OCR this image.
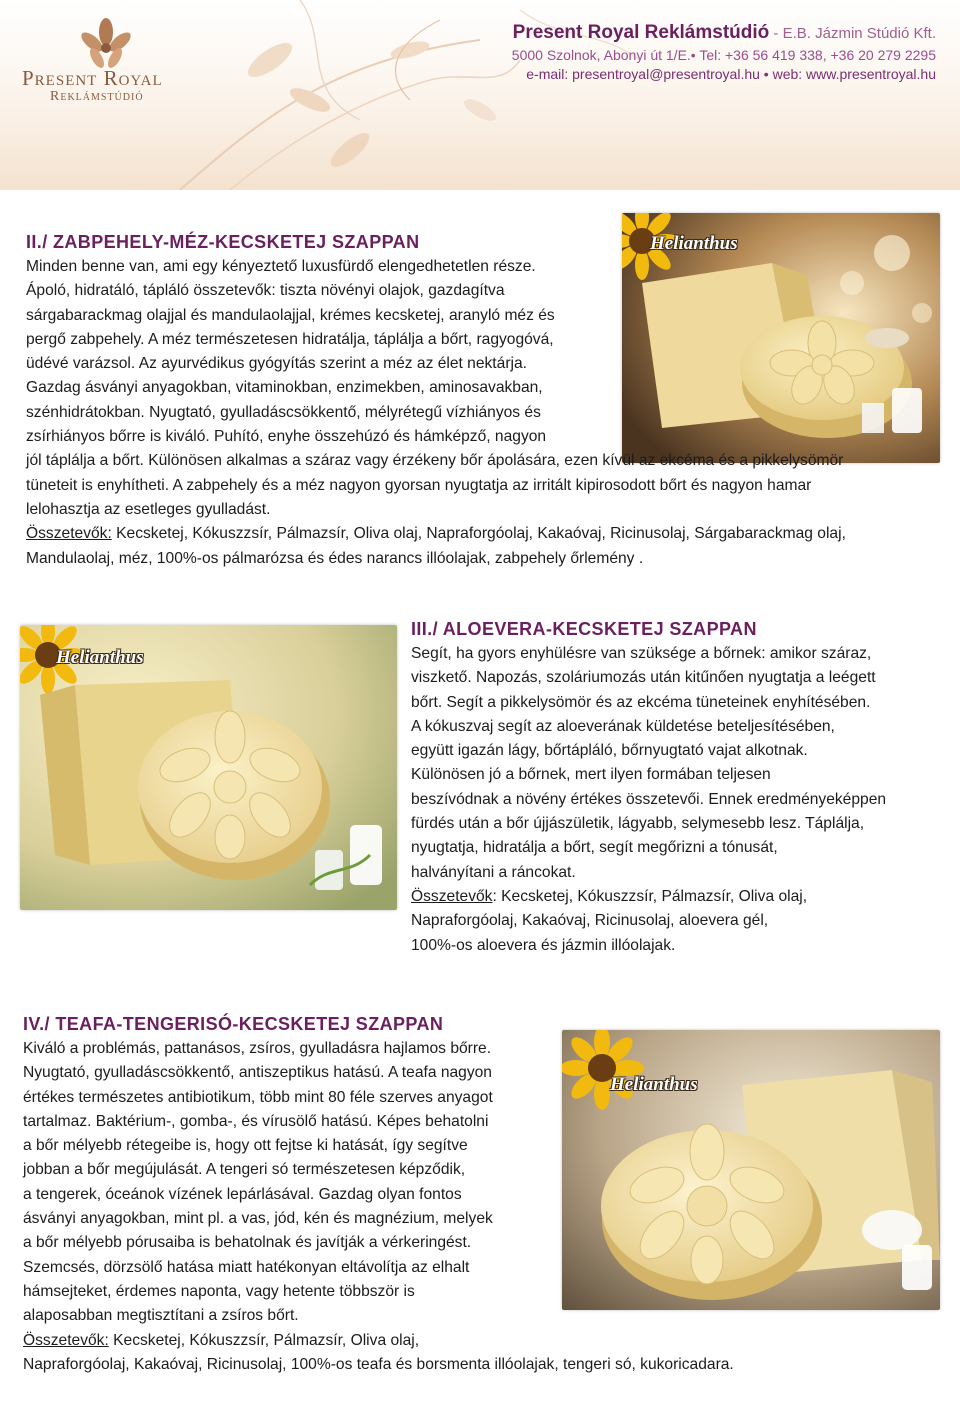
Present Royal
Reklámstúdió
Present Royal Reklámstúdió - E.B. Jázmin Stúdió Kft.
5000 Szolnok, Abonyi út 1/E.• Tel: +36 56 419 338, +36 20 279 2295
e-mail: presentroyal@presentroyal.hu • web: www.presentroyal.hu
Helianthus
II./ ZABPEHELY-MÉZ-KECSKETEJ SZAPPAN
Minden benne van, ami egy kényeztető luxusfürdő elengedhetetlen része.
Ápoló, hidratáló, tápláló összetevők: tiszta növényi olajok, gazdagítva
sárgabarackmag olajjal és mandulaolajjal, krémes kecsketej, aranyló méz és
pergő zabpehely. A méz természetesen hidratálja, táplálja a bőrt, ragyogóvá,
üdévé varázsol. Az ayurvédikus gyógyítás szerint a méz az élet nektárja.
Gazdag ásványi anyagokban, vitaminokban, enzimekben, aminosavakban,
szénhidrátokban. Nyugtató, gyulladáscsökkentő, mélyrétegű vízhiányos és
zsírhiányos bőrre is kiváló. Puhító, enyhe összehúzó és hámképző, nagyon
jól táplálja a bőrt. Különösen alkalmas a száraz vagy érzékeny bőr ápolására, ezen kívül az ekcéma és a pikkelysömör
tüneteit is enyhítheti. A zabpehely és a méz nagyon gyorsan nyugtatja az irritált kipirosodott bőrt és nagyon hamar
lelohasztja az esetleges gyulladást.
Összetevők: Kecsketej, Kókuszzsír, Pálmazsír, Oliva olaj, Napraforgóolaj, Kakaóvaj, Ricinusolaj, Sárgabarackmag olaj,
Mandulaolaj, méz, 100%-os pálmarózsa és édes narancs illóolajak, zabpehely őrlemény .
Helianthus
III./ ALOEVERA-KECSKETEJ SZAPPAN
Segít, ha gyors enyhülésre van szüksége a bőrnek: amikor száraz,
viszkető. Napozás, szoláriumozás után kitűnően nyugtatja a leégett
bőrt. Segít a pikkelysömör és az ekcéma tüneteinek enyhítésében.
A kókuszvaj segít az aloeverának küldetése beteljesítésében,
együtt igazán lágy, bőrtápláló, bőrnyugtató vajat alkotnak.
Különösen jó a bőrnek, mert ilyen formában teljesen
beszívódnak a növény értékes összetevői. Ennek eredményeképpen
fürdés után a bőr újjászületik, lágyabb, selymesebb lesz. Táplálja,
nyugtatja, hidratálja a bőrt, segít megőrizni a tónusát,
halványítani a ráncokat.
Összetevők: Kecsketej, Kókuszzsír, Pálmazsír, Oliva olaj,
Napraforgóolaj, Kakaóvaj, Ricinusolaj, aloevera gél,
100%-os aloevera és jázmin illóolajak.
Helianthus
IV./ TEAFA-TENGERISÓ-KECSKETEJ SZAPPAN
Kiváló a problémás, pattanásos, zsíros, gyulladásra hajlamos bőrre.
Nyugtató, gyulladáscsökkentő, antiszeptikus hatású. A teafa nagyon
értékes természetes antibiotikum, több mint 80 féle szerves anyagot
tartalmaz. Baktérium-, gomba-, és vírusölő hatású. Képes behatolni
a bőr mélyebb rétegeibe is, hogy ott fejtse ki hatását, így segítve
jobban a bőr megújulását. A tengeri só természetesen képződik,
a tengerek, óceánok vízének lepárlásával. Gazdag olyan fontos
ásványi anyagokban, mint pl. a vas, jód, kén és magnézium, melyek
a bőr mélyebb pórusaiba is behatolnak és javítják a vérkeringést.
Szemcsés, dörzsölő hatása miatt hatékonyan eltávolítja az elhalt
hámsejteket, érdemes naponta, vagy hetente többször is
alaposabban megtisztítani a zsíros bőrt.
Összetevők: Kecsketej, Kókuszzsír, Pálmazsír, Oliva olaj,
Napraforgóolaj, Kakaóvaj, Ricinusolaj, 100%-os teafa és borsmenta illóolajak, tengeri só, kukoricadara.
